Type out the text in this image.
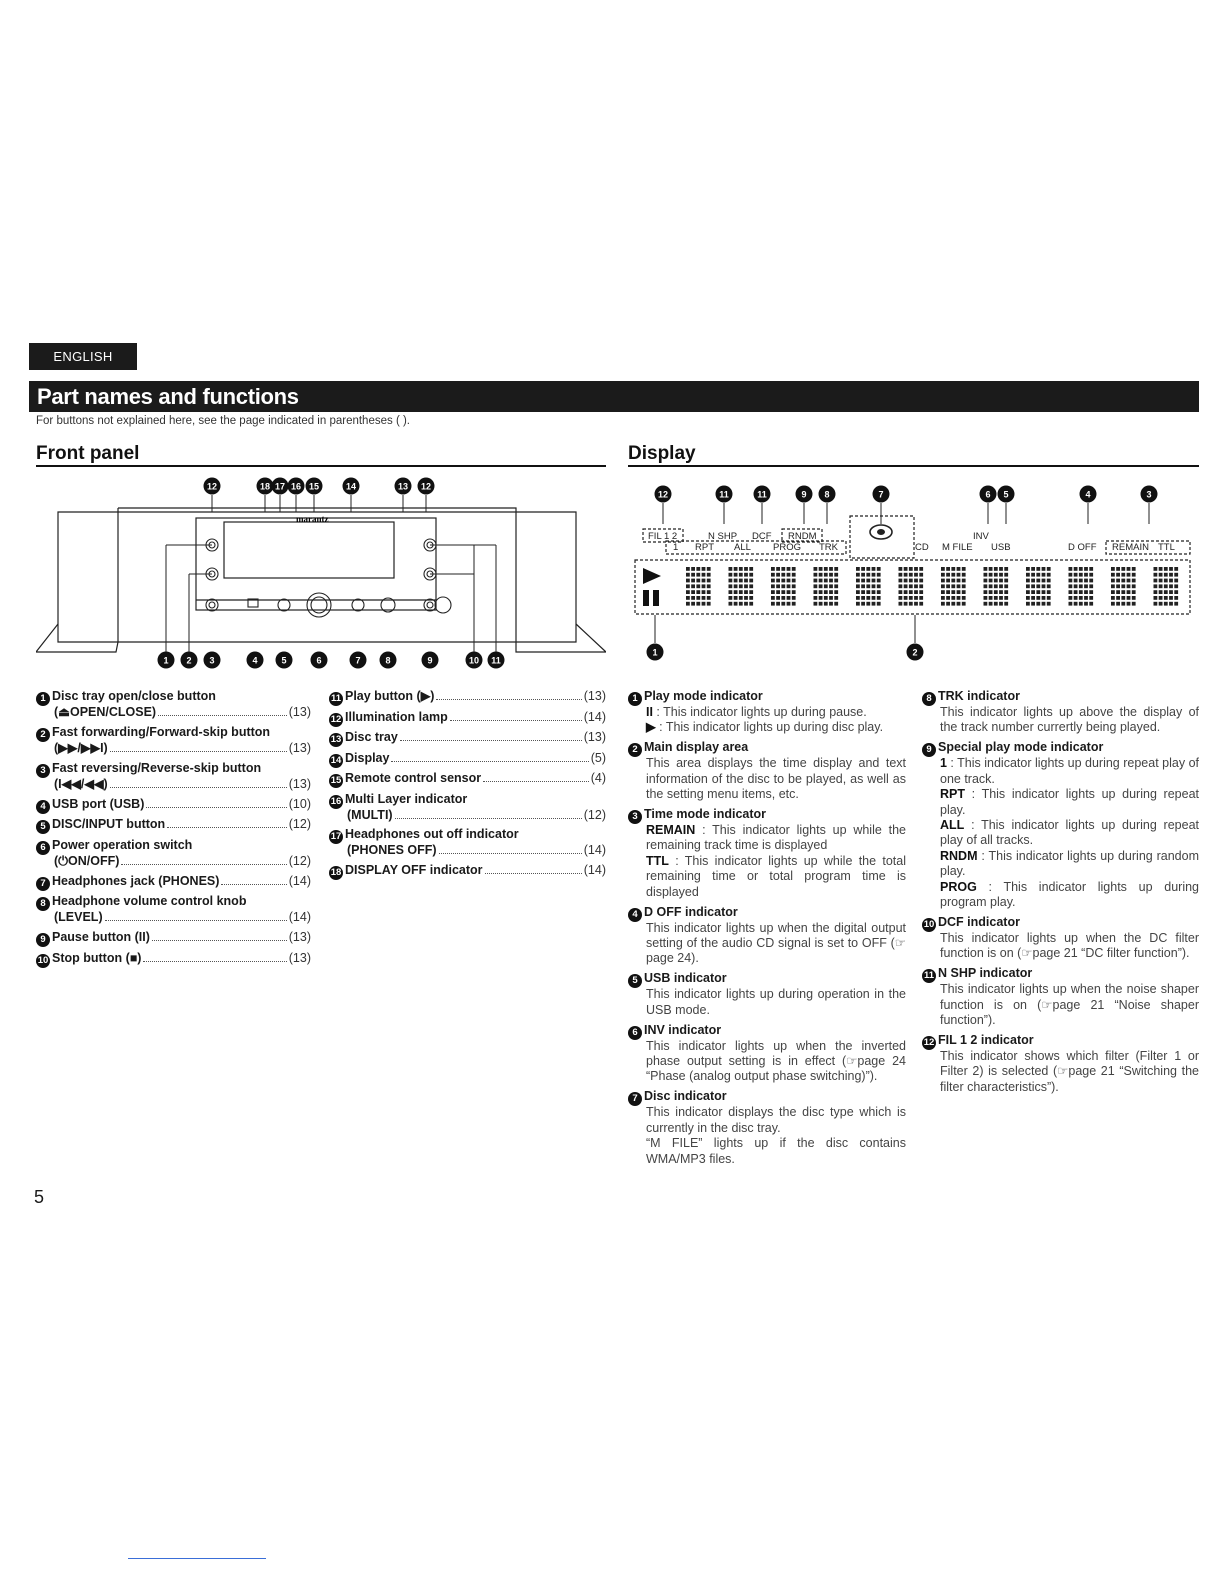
ENGLISH
Part names and functions
For buttons not explained here, see the page indicated in parentheses ( ).
Front panel	Display
12	18 17 16 15	14	13 12
marantz
1 2 3	4	5	6	7	8	9	10 11
12	11	11	9 8	7	6 5	4	3
FIL 1 2	N SHP DCF RNDM	INV
1 RPT ALL PROG TRK	CD M FILE USB	D OFF REMAIN TTL
1	2
1 Disc tray open/close button
(⏏OPEN/CLOSE)	(13)
2 Fast forwarding/Forward-skip button
(▶▶/▶▶I)	(13)
3 Fast reversing/Reverse-skip button
(I◀◀/◀◀)	(13)
4 USB port (USB)	(10)
5 DISC/INPUT button	(12)
6 Power operation switch
(⏻ON/OFF)	(12)
7 Headphones jack (PHONES)	(14)
8 Headphone volume control knob
(LEVEL)	(14)
9 Pause button (II)	(13)
10 Stop button (■)	(13)
11 Play button (▶)	(13)
12 Illumination lamp	(14)
13 Disc tray	(13)
14 Display	(5)
15 Remote control sensor	(4)
16 Multi Layer indicator
(MULTI)	(12)
17 Headphones out off indicator
(PHONES OFF)	(14)
18 DISPLAY OFF indicator	(14)
1 Play mode indicator
II : This indicator lights up during pause.
▶ : This indicator lights up during disc play.
2 Main display area
This area displays the time display and text information of the disc to be played, as well as the setting menu items, etc.
3 Time mode indicator
REMAIN : This indicator lights up while the remaining track time is displayed
TTL : This indicator lights up while the total remaining time or total program time is displayed
4 D OFF indicator
This indicator lights up when the digital output setting of the audio CD signal is set to OFF (☞page 24).
5 USB indicator
This indicator lights up during operation in the USB mode.
6 INV indicator
This indicator lights up when the inverted phase output setting is in effect (☞page 24 “Phase (analog output phase switching)”).
7 Disc indicator
This indicator displays the disc type which is currently in the disc tray.
“M FILE” lights up if the disc contains WMA/MP3 files.
8 TRK indicator
This indicator lights up above the display of the track number currertly being played.
9 Special play mode indicator
1 : This indicator lights up during repeat play of one track.
RPT : This indicator lights up during repeat play.
ALL : This indicator lights up during repeat play of all tracks.
RNDM : This indicator lights up during random play.
PROG : This indicator lights up during program play.
10 DCF indicator
This indicator lights up when the DC filter function is on (☞page 21 “DC filter function”).
11 N SHP indicator
This indicator lights up when the noise shaper function is on (☞page 21 “Noise shaper function”).
12 FIL 1 2 indicator
This indicator shows which filter (Filter 1 or Filter 2) is selected (☞page 21 “Switching the filter characteristics”).
5
